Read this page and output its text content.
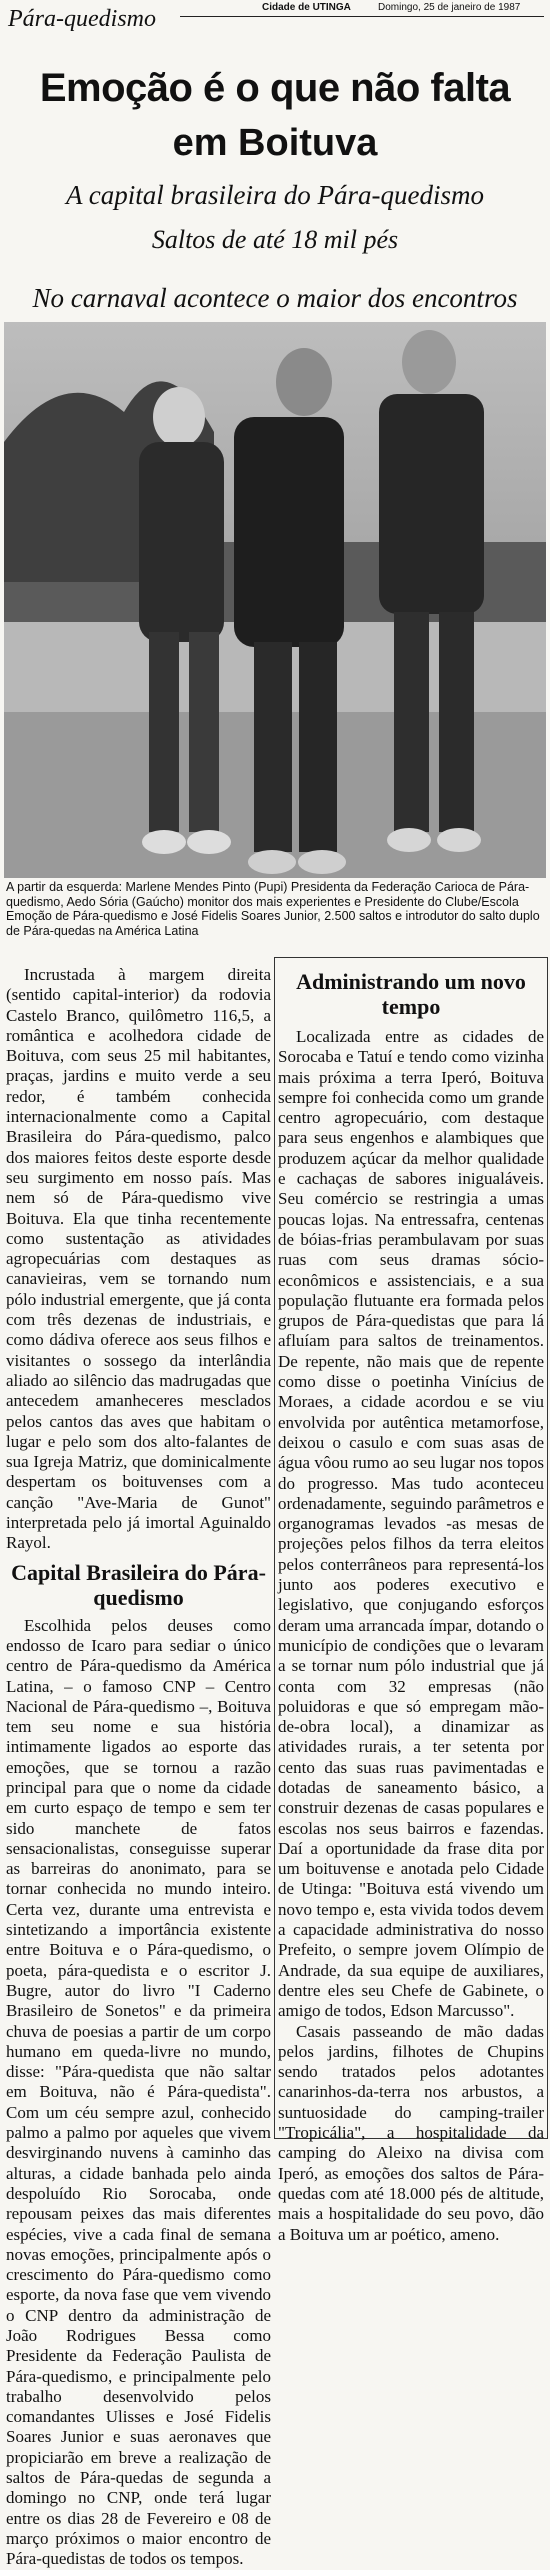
Pára-quedismo	Cidade de UTINGA	Domingo, 25 de janeiro de 1987
Emoção é o que não falta
em Boituva
A capital brasileira do Pára-quedismo
Saltos de até 18 mil pés
No carnaval acontece o maior dos encontros
A partir da esquerda: Marlene Mendes Pinto (Pupi) Presidenta da Federação Carioca de Pára-quedismo, Aedo Sória (Gaúcho) monitor dos mais experientes e Presidente do Clube/Escola Emoção de Pára-quedismo e José Fidelis Soares Junior, 2.500 saltos e introdutor do salto duplo de Pára-quedas na América Latina

Incrustada à margem direita (sentido capital-interior) da rodovia Castelo Branco, quilômetro 116,5, a romântica e acolhedora cidade de Boituva, com seus 25 mil habitantes, praças, jardins e muito verde a seu redor, é também conhecida internacionalmente como a Capital Brasileira do Pára-quedismo, palco dos maiores feitos deste esporte desde seu surgimento em nosso país. Mas nem só de Pára-quedismo vive Boituva. Ela que tinha recentemente como sustentação as atividades agropecuárias com destaques as canavieiras, vem se tornando num pólo industrial emergente, que já conta com três dezenas de industriais, e como dádiva oferece aos seus filhos e visitantes o sossego da interlândia aliado ao silêncio das madrugadas que antecedem amanheceres mesclados pelos cantos das aves que habitam o lugar e pelo som dos alto-falantes de sua Igreja Matriz, que dominicalmente despertam os boituvenses com a canção "Ave-Maria de Gunot" interpretada pelo já imortal Aguinaldo Rayol.

Capital Brasileira do Pára-quedismo

Escolhida pelos deuses como endosso de Icaro para sediar o único centro de Pára-quedismo da América Latina, – o famoso CNP – Centro Nacional de Pára-quedismo –, Boituva tem seu nome e sua história intimamente ligados ao esporte das emoções, que se tornou a razão principal para que o nome da cidade em curto espaço de tempo e sem ter sido manchete de fatos sensacionalistas, conseguisse superar as barreiras do anonimato, para se tornar conhecida no mundo inteiro. Certa vez, durante uma entrevista e sintetizando a importância existente entre Boituva e o Pára-quedismo, o poeta, pára-quedista e o escritor J. Bugre, autor do livro "I Caderno Brasileiro de Sonetos" e da primeira chuva de poesias a partir de um corpo humano em queda-livre no mundo, disse: "Pára-quedista que não saltar em Boituva, não é Pára-quedista". Com um céu sempre azul, conhecido palmo a palmo por aqueles que vivem desvirginando nuvens à caminho das alturas, a cidade banhada pelo ainda despoluído Rio Sorocaba, onde repousam peixes das mais diferentes espécies, vive a cada final de semana novas emoções, principalmente após o crescimento do Pára-quedismo como esporte, da nova fase que vem vivendo o CNP dentro da administração de João Rodrigues Bessa como Presidente da Federação Paulista de Pára-quedismo, e principalmente pelo trabalho desenvolvido pelos comandantes Ulisses e José Fidelis Soares Junior e suas aeronaves que propiciarão em breve a realização de saltos de Pára-quedas de segunda a domingo no CNP, onde terá lugar entre os dias 28 de Fevereiro e 08 de março próximos o maior encontro de Pára-quedistas de todos os tempos.

Administrando um novo tempo

Localizada entre as cidades de Sorocaba e Tatuí e tendo como vizinha mais próxima a terra Iperó, Boituva sempre foi conhecida como um grande centro agropecuário, com destaque para seus engenhos e alambiques que produzem açúcar da melhor qualidade e cachaças de sabores inigualáveis. Seu comércio se restringia a umas poucas lojas. Na entressafra, centenas de bóias-frias perambulavam por suas ruas com seus dramas sócio-econômicos e assistenciais, e a sua população flutuante era formada pelos grupos de Pára-quedistas que para lá afluíam para saltos de treinamentos. De repente, não mais que de repente como disse o poetinha Vinícius de Moraes, a cidade acordou e se viu envolvida por autêntica metamorfose, deixou o casulo e com suas asas de água vôou rumo ao seu lugar nos topos do progresso. Mas tudo aconteceu ordenadamente, seguindo parâmetros e organogramas levados -as mesas de projeções pelos filhos da terra eleitos pelos conterrâneos para representá-los junto aos poderes executivo e legislativo, que conjugando esforços deram uma arrancada ímpar, dotando o município de condições que o levaram a se tornar num pólo industrial que já conta com 32 empresas (não poluidoras e que só empregam mão-de-obra local), a dinamizar as atividades rurais, a ter setenta por cento das suas ruas pavimentadas e dotadas de saneamento básico, a construir dezenas de casas populares e escolas nos seus bairros e fazendas. Daí a oportunidade da frase dita por um boituvense e anotada pelo Cidade de Utinga: "Boituva está vivendo um novo tempo e, esta vivida todos devem a capacidade administrativa do nosso Prefeito, o sempre jovem Olímpio de Andrade, da sua equipe de auxiliares, dentre eles seu Chefe de Gabinete, o amigo de todos, Edson Marcusso".

Casais passeando de mão dadas pelos jardins, filhotes de Chupins sendo tratados pelos adotantes canarinhos-da-terra nos arbustos, a suntuosidade do camping-trailer "Tropicália", a hospitalidade da camping do Aleixo na divisa com Iperó, as emoções dos saltos de Pára-quedas com até 18.000 pés de altitude, mais a hospitalidade do seu povo, dão a Boituva um ar poético, ameno.
